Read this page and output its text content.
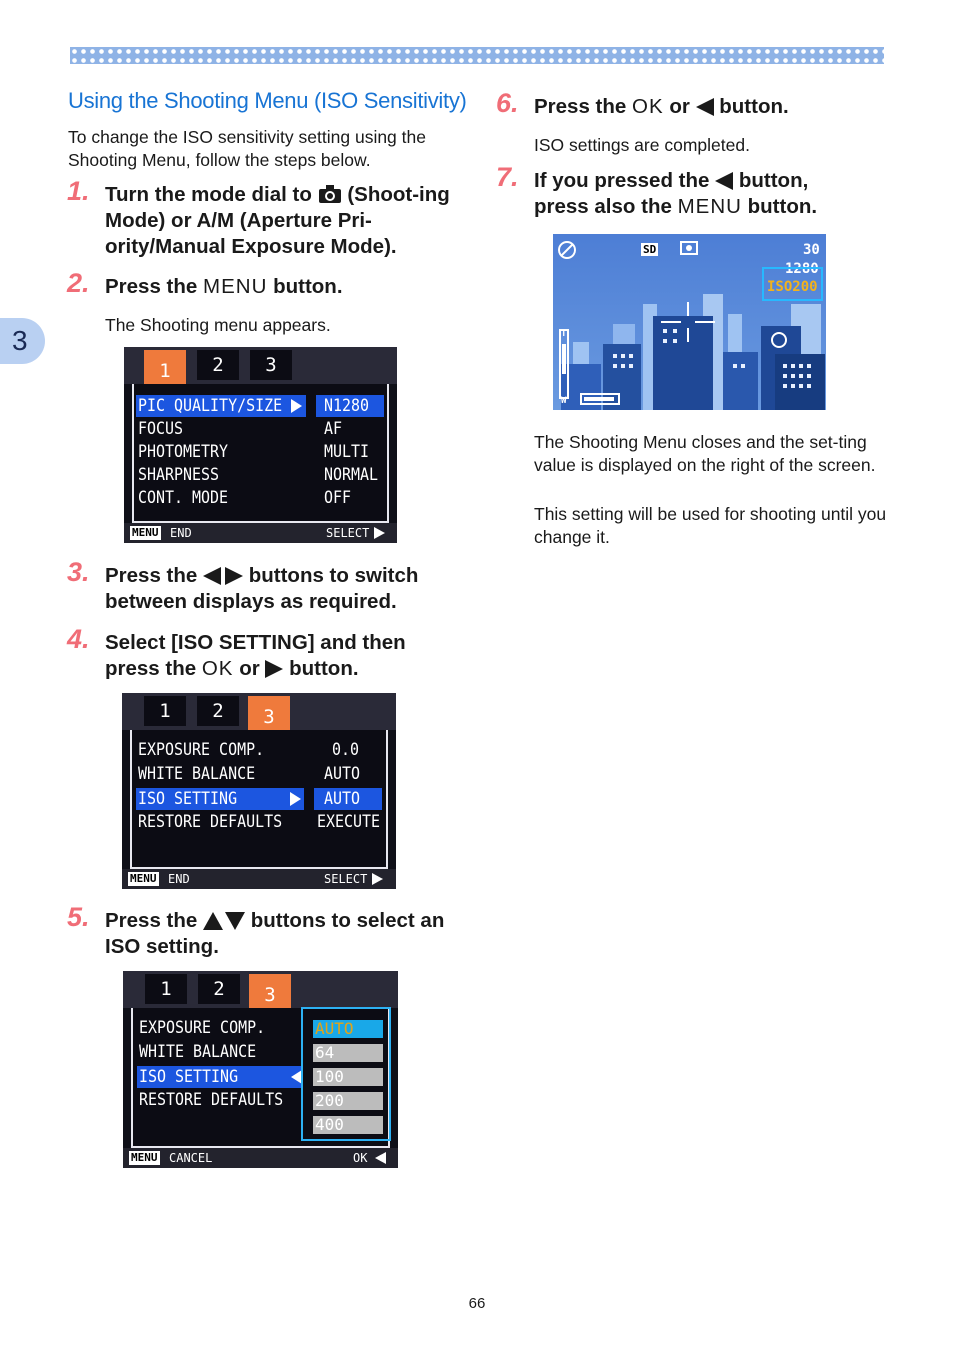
3
Using the Shooting Menu (ISO Sensitivity)
To change the ISO sensitivity setting using the Shooting Menu, follow the steps below.
1. Turn the mode dial to (Shoot-ing Mode) or A/M (Aperture Pri-ority/Manual Exposure Mode).
2. Press the MENU button.
The Shooting menu appears.
1	2	3
PIC QUALITY/SIZE N1280
FOCUS	AF
PHOTOMETRY	MULTI
SHARPNESS	NORMAL
CONT. MODE	OFF
MENU END	SELECT
3. Press the	buttons to switch between displays as required.
4. Select [ISO SETTING] and then press the OK or button.
1	2	3
EXPOSURE COMP.	0.0
WHITE BALANCE	AUTO
ISO SETTING	AUTO
RESTORE DEFAULTS EXECUTE
MENU END	SELECT
5. Press the	buttons to select an ISO setting.
1	2	3
EXPOSURE COMP.
WHITE BALANCE
ISO SETTING
RESTORE DEFAULTS
AUTO
64
100
200
400
MENU CANCEL	OK
6. Press the OK or button.
ISO settings are completed.
7. If you pressed the button,
press also the MENU button.
SD	30
1280
ISO200
T
W
The Shooting Menu closes and the set-ting value is displayed on the right of the screen.
This setting will be used for shooting until you change it.
66
